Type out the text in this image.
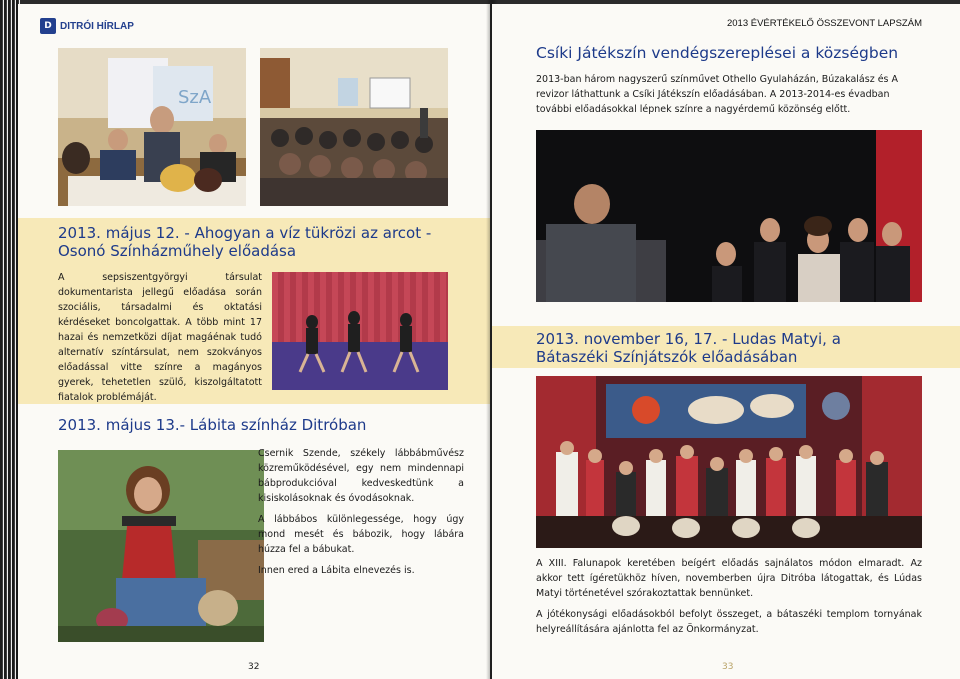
D DITRÓI HÍRLAP
SzA
2013. május 12. - Ahogyan a víz tükrözi az arcot - Osonó Színházműhely előadása
A sepsiszentgyörgyi társulat dokumentarista jellegű előadása során szociális, társadalmi és oktatási kérdéseket boncolgattak. A több mint 17 hazai és nemzetközi díjat magáénak tudó alternatív színtársulat, nem szokványos előadással vitte színre a magányos gyerek, tehetetlen szülő, kiszolgáltatott fiatalok problémáját.
2013. május 13.- Lábita színház Ditróban

Csernik Szende, székely lábbábművész közreműködésével, egy nem mindennapi bábprodukcióval kedveskedtünk a kisiskolásoknak és óvodásoknak.

A lábbábos különlegessége, hogy úgy mond mesét és bábozik, hogy lábára húzza fel a bábukat.

Innen ered a Lábita elnevezés is.

32
2013 ÉVÉRTÉKELŐ ÖSSZEVONT LAPSZÁM
Csíki Játékszín vendégszereplései a községben
2013-ban három nagyszerű színművet Othello Gyulaházán, Búzakalász és A revizor láthattunk a Csíki Játékszín előadásában. A 2013-2014-es évadban további előadásokkal lépnek színre a nagyérdemű közönség előtt.
2013. november 16, 17. - Ludas Matyi, a Bátaszéki Színjátszók előadásában

A XIII. Falunapok keretében beígért előadás sajnálatos módon elmaradt. Az akkor tett ígéretükhöz híven, novemberben újra Ditróba látogattak, és Lúdas Matyi történetével szórakoztattak bennünket.

A jótékonysági előadásokból befolyt összeget, a bátaszéki templom tornyának helyreállítására ajánlotta fel az Önkormányzat.

33
